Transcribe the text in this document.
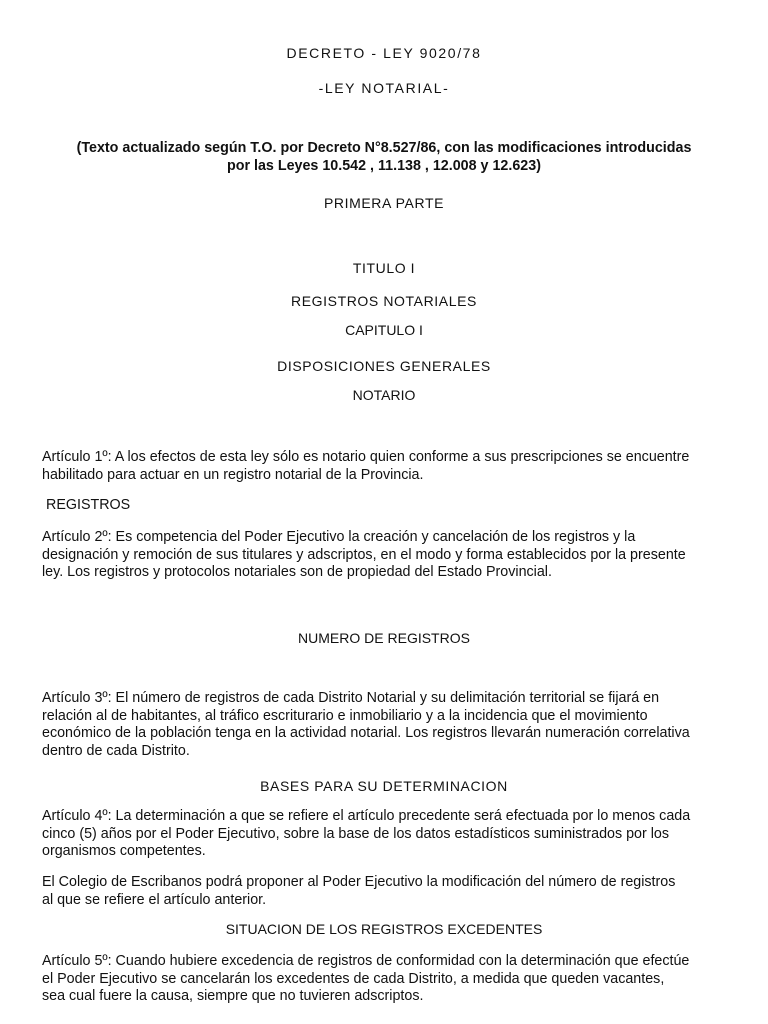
DECRETO - LEY 9020/78
-LEY NOTARIAL-
(Texto actualizado según T.O. por Decreto N°8.527/86, con las modificaciones introducidas
por las Leyes 10.542 , 11.138 , 12.008 y 12.623)
PRIMERA PARTE
TITULO I
REGISTROS NOTARIALES
CAPITULO I
DISPOSICIONES GENERALES
NOTARIO
Artículo 1º: A los efectos de esta ley sólo es notario quien conforme a sus prescripciones se encuentre
habilitado para actuar en un registro notarial de la Provincia.
REGISTROS
Artículo 2º: Es competencia del Poder Ejecutivo la creación y cancelación de los registros y la
designación y remoción de sus titulares y adscriptos, en el modo y forma establecidos por la presente
ley. Los registros y protocolos notariales son de propiedad del Estado Provincial.
NUMERO DE REGISTROS
Artículo 3º: El número de registros de cada Distrito Notarial y su delimitación territorial se fijará en
relación al de habitantes, al tráfico escriturario e inmobiliario y a la incidencia que el movimiento
económico de la población tenga en la actividad notarial. Los registros llevarán numeración correlativa
dentro de cada Distrito.
BASES PARA SU DETERMINACION
Artículo 4º: La determinación a que se refiere el artículo precedente será efectuada por lo menos cada
cinco (5) años por el Poder Ejecutivo, sobre la base de los datos estadísticos suministrados por los
organismos competentes.
El Colegio de Escribanos podrá proponer al Poder Ejecutivo la modificación del número de registros
al que se refiere el artículo anterior.
SITUACION DE LOS REGISTROS EXCEDENTES
Artículo 5º: Cuando hubiere excedencia de registros de conformidad con la determinación que efectúe
el Poder Ejecutivo se cancelarán los excedentes de cada Distrito, a medida que queden vacantes,
sea cual fuere la causa, siempre que no tuvieren adscriptos.
